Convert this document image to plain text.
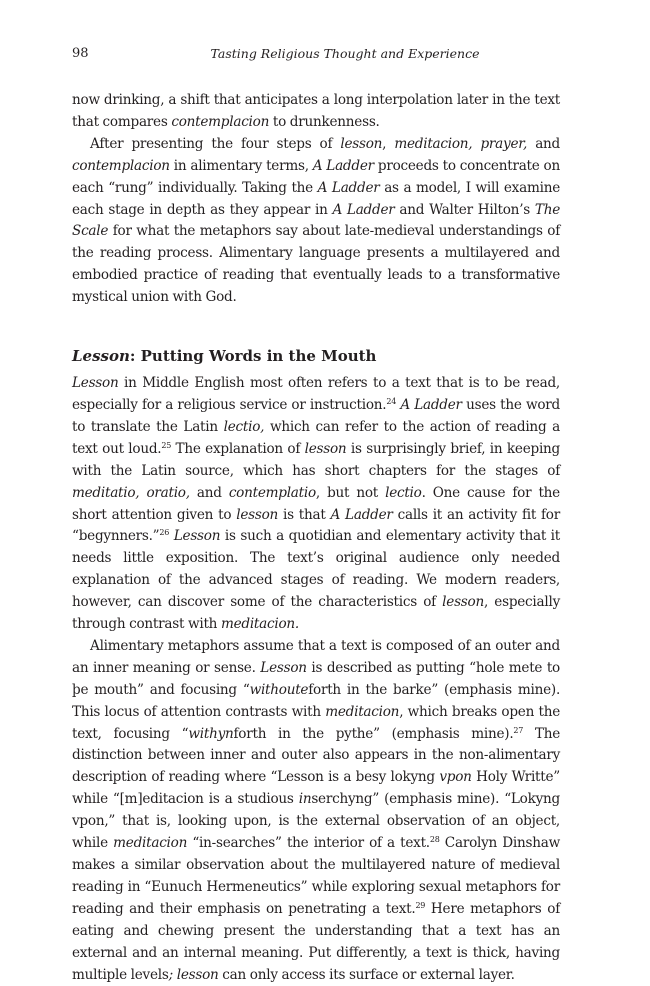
98	Tasting Religious Thought and Experience

now drinking, a shift that anticipates a long interpolation later in the text that compares contemplacion to drunkenness.

After presenting the four steps of lesson, meditacion, prayer, and contemplacion in alimentary terms, A Ladder proceeds to concentrate on each “rung” individually. Taking the A Ladder as a model, I will examine each stage in depth as they appear in A Ladder and Walter Hilton’s The Scale for what the metaphors say about late-medieval understandings of the reading process. Alimentary language presents a multilayered and embodied practice of reading that eventually leads to a transformative mystical union with God.

Lesson: Putting Words in the Mouth

Lesson in Middle English most often refers to a text that is to be read, especially for a religious service or instruction.$^{24}$ A Ladder uses the word to translate the Latin lectio, which can refer to the action of reading a text out loud.$^{25}$ The explanation of lesson is surprisingly brief, in keeping with the Latin source, which has short chapters for the stages of meditatio, oratio, and contemplatio, but not lectio. One cause for the short attention given to lesson is that A Ladder calls it an activity fit for “begynners.”$^{26}$ Lesson is such a quotidian and elementary activity that it needs little exposition. The text’s original audience only needed explanation of the advanced stages of reading. We modern readers, however, can discover some of the characteristics of lesson, especially through contrast with meditacion.

Alimentary metaphors assume that a text is composed of an outer and an inner meaning or sense. Lesson is described as putting “hole mete to þe mouth” and focusing “withouteforth in the barke” (emphasis mine). This locus of attention contrasts with meditacion, which breaks open the text, focusing “withynforth in the pythe” (emphasis mine).$^{27}$ The distinction between inner and outer also appears in the non-alimentary description of reading where “Lesson is a besy lokyng vpon Holy Writte” while “[m]editacion is a studious inserchyng” (emphasis mine). “Lokyng vpon,” that is, looking upon, is the external observation of an object, while meditacion “in-searches” the interior of a text.$^{28}$ Carolyn Dinshaw makes a similar observation about the multilayered nature of medieval reading in “Eunuch Hermeneutics” while exploring sexual metaphors for reading and their emphasis on penetrating a text.$^{29}$ Here metaphors of eating and chewing present the understanding that a text has an external and an internal meaning. Put differently, a text is thick, having multiple levels; lesson can only access its surface or external layer.
